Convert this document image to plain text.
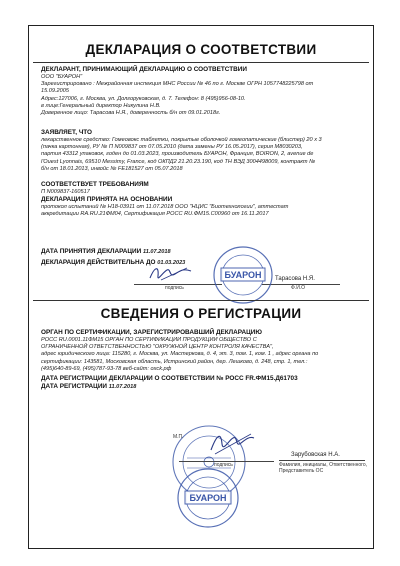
ДЕКЛАРАЦИЯ О СООТВЕТСТВИИ

ДЕКЛАРАНТ, ПРИНИМАЮЩИЙ ДЕКЛАРАЦИЮ О СООТВЕТСТВИИ

ООО "БУАРОН"

Зарегистрировано : Межрайонная инспекция МНС России № 46 по г. Москве ОГРН 1057748225798 от

15.09.2005

Адрес:127006, г. Москва, ул. Долгоруковская, д. 7. Телефон: 8 (495)956-08-10.

в лице:Генеральный директор Никулина Н.В.

Доверенное лицо: Тарасова Н.Я., доверенность б/н от 09.01.2018г.

ЗАЯВЛЯЕТ, ЧТО

лекарственное средство: Гомеовокс таблетки, покрытые оболочкой гомеопатические (блистер) 20 x 3

(пачка картонная), РУ № П N009837 от 07.05.2010 (дата замены РУ 16.05.2017), серия M8030203,

партия 43312 упаковок, годен до 01.03.2023, производитель БУАРОН, Франция, BOIRON, 2, avenue de

l'Ouest Lyonnais, 69510 Messimy, France, код ОКПД2 21.20.23.190, код ТН ВЭД 3004498009, контракт №

б/н от 18.01.2013, инвойс № FE181527 от 05.07.2018

СООТВЕТСТВУЕТ ТРЕБОВАНИЯМ

П N009837-160517

ДЕКЛАРАЦИЯ ПРИНЯТА НА ОСНОВАНИИ

протокол испытаний № Н18-03911 от 11.07.2018 ООО "НЦИС "Биотехнологии", аттестат

аккредитации RA.RU.21ФМ04, Сертификация РОСС RU.ФМ15.С00960 от 16.11.2017

ДАТА ПРИНЯТИЯ ДЕКЛАРАЦИИ 11.07.2018

ДЕКЛАРАЦИЯ ДЕЙСТВИТЕЛЬНА ДО 01.03.2023

подпись
Тарасова Н.Я.
Ф.И.О
БУАРОН
СВЕДЕНИЯ О РЕГИСТРАЦИИ

ОРГАН ПО СЕРТИФИКАЦИИ, ЗАРЕГИСТРИРОВАВШИЙ ДЕКЛАРАЦИЮ

РОСС RU.0001.11ФМ15 ОРГАН ПО СЕРТИФИКАЦИИ ПРОДУКЦИИ ОБЩЕСТВО С

ОГРАНИЧЕННОЙ ОТВЕТСТВЕННОСТЬЮ "ОКРУЖНОЙ ЦЕНТР КОНТРОЛЯ КАЧЕСТВА",

адрес юридического лица: 115280, г. Москва, ул. Мастеркова, д. 4, эт. 3, пом. 1, ком. 1 , адрес органа по

сертификации: 143581, Московская область, Истринский район, дер. Лешково, д. 248, стр. 1, тел.:

(495)640-89-69, (495)787-93-78 веб-сайт: oxck.pф

ДАТА РЕГИСТРАЦИИ ДЕКЛАРАЦИИ О СООТВЕТСТВИИ № РОСС FR.ФМ15.Д61703

ДАТА РЕГИСТРАЦИИ 11.07.2018

М.П.
подпись
Зарубовская Н.А.
Фамилия, инициалы, Ответственного, Представитель ОС
БУАРОН
